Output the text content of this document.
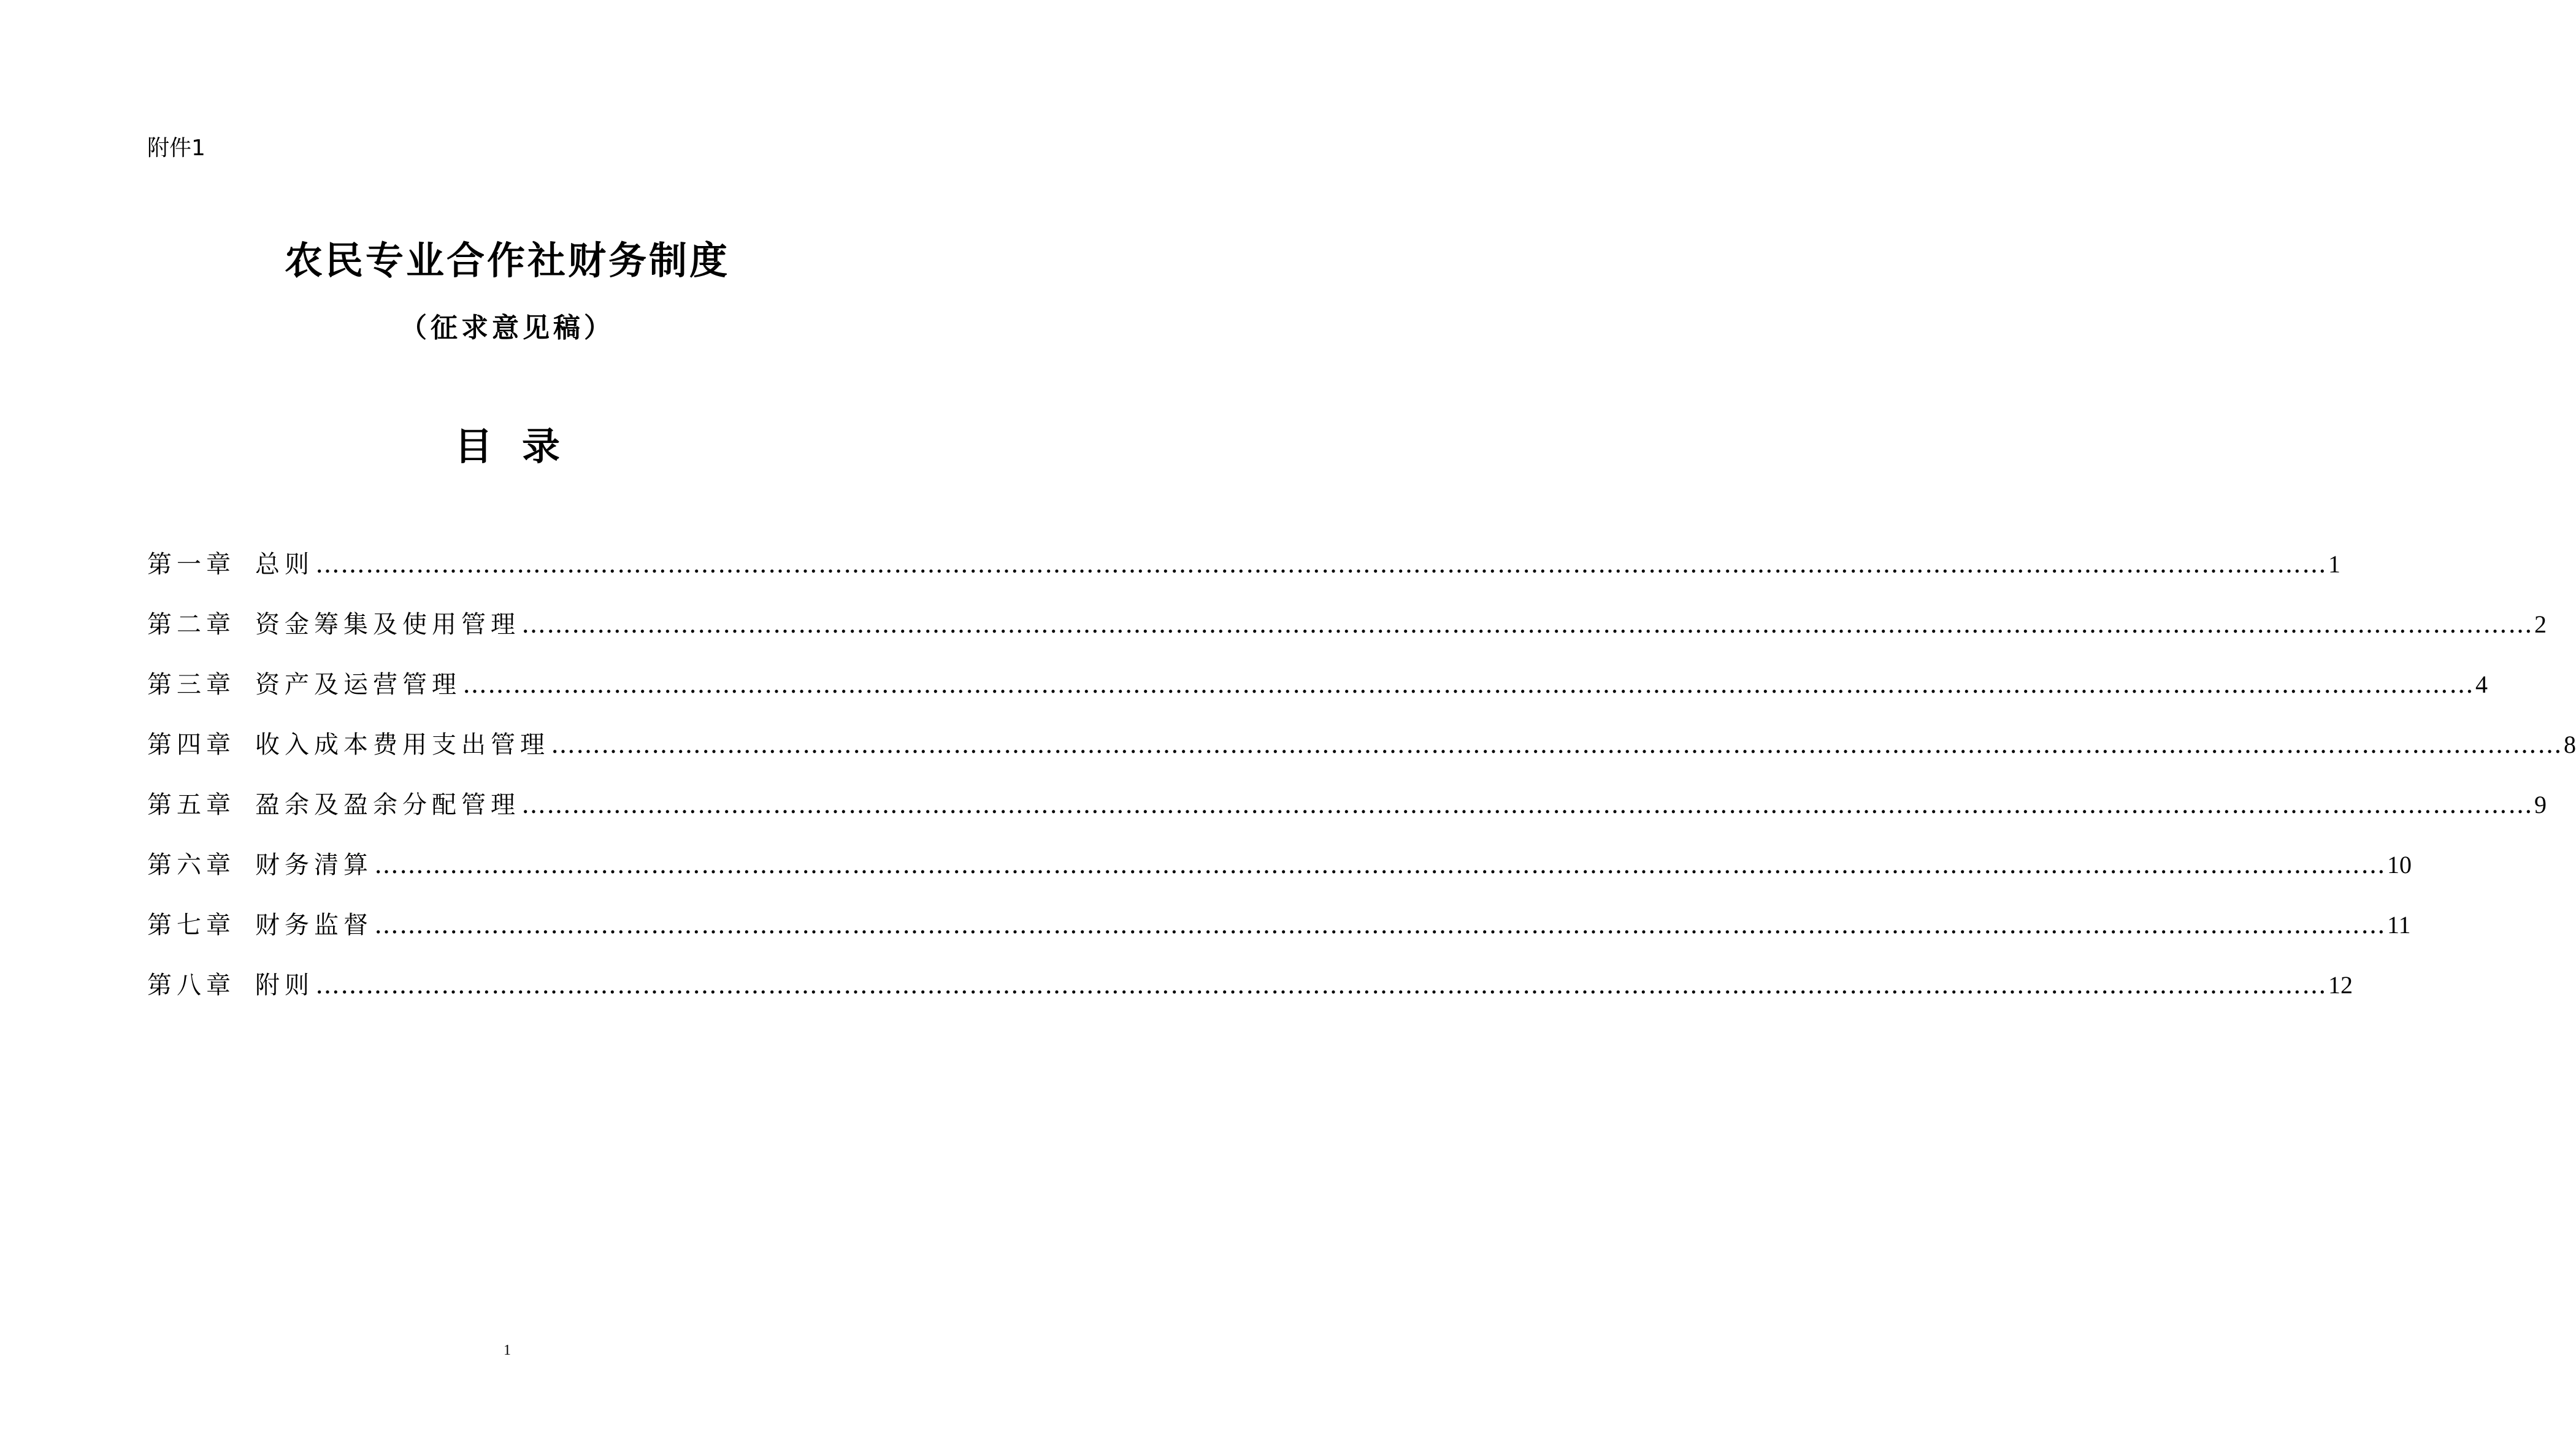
附件1
农民专业合作社财务制度
（征求意见稿）
目 录
第一章 总则 …………………………………………………………………………………………………………………………………………………………………………………………………………………… 1
第二章 资金筹集及使用管理 …………………………………………………………………………………………………………………………………………………………………………………………………………………… 2
第三章 资产及运营管理 …………………………………………………………………………………………………………………………………………………………………………………………………………………… 4
第四章 收入成本费用支出管理 …………………………………………………………………………………………………………………………………………………………………………………………………………………… 8
第五章 盈余及盈余分配管理 …………………………………………………………………………………………………………………………………………………………………………………………………………………… 9
第六章 财务清算 …………………………………………………………………………………………………………………………………………………………………………………………………………………… 10
第七章 财务监督 …………………………………………………………………………………………………………………………………………………………………………………………………………………… 11
第八章 附则 …………………………………………………………………………………………………………………………………………………………………………………………………………………… 12
1
